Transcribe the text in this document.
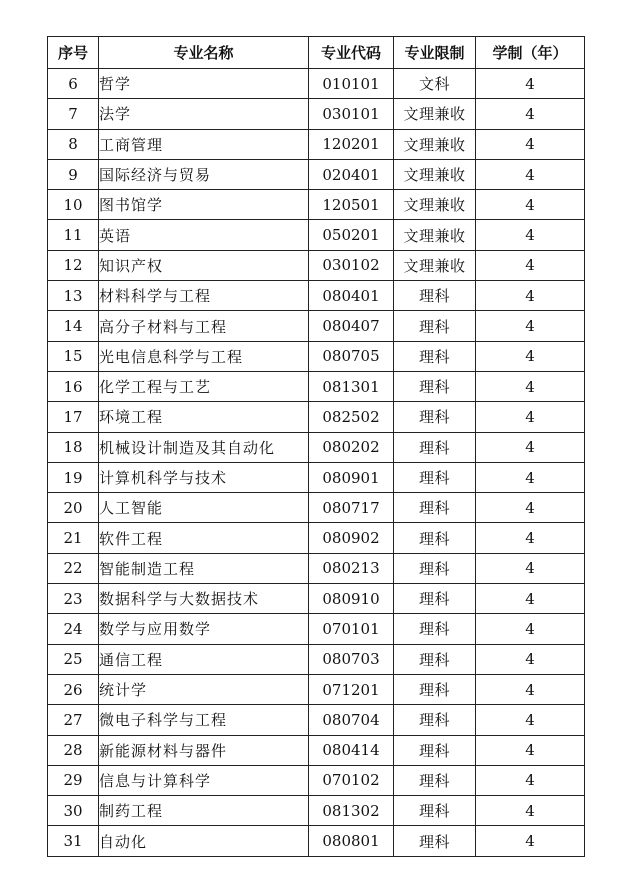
序号	专业名称	专业代码	专业限制	学制（年）
6	哲学	010101	文科	4
7	法学	030101	文理兼收	4
8	工商管理	120201	文理兼收	4
9	国际经济与贸易	020401	文理兼收	4
10	图书馆学	120501	文理兼收	4
11	英语	050201	文理兼收	4
12	知识产权	030102	文理兼收	4
13	材料科学与工程	080401	理科	4
14	高分子材料与工程	080407	理科	4
15	光电信息科学与工程	080705	理科	4
16	化学工程与工艺	081301	理科	4
17	环境工程	082502	理科	4
18	机械设计制造及其自动化	080202	理科	4
19	计算机科学与技术	080901	理科	4
20	人工智能	080717	理科	4
21	软件工程	080902	理科	4
22	智能制造工程	080213	理科	4
23	数据科学与大数据技术	080910	理科	4
24	数学与应用数学	070101	理科	4
25	通信工程	080703	理科	4
26	统计学	071201	理科	4
27	微电子科学与工程	080704	理科	4
28	新能源材料与器件	080414	理科	4
29	信息与计算科学	070102	理科	4
30	制药工程	081302	理科	4
31	自动化	080801	理科	4
